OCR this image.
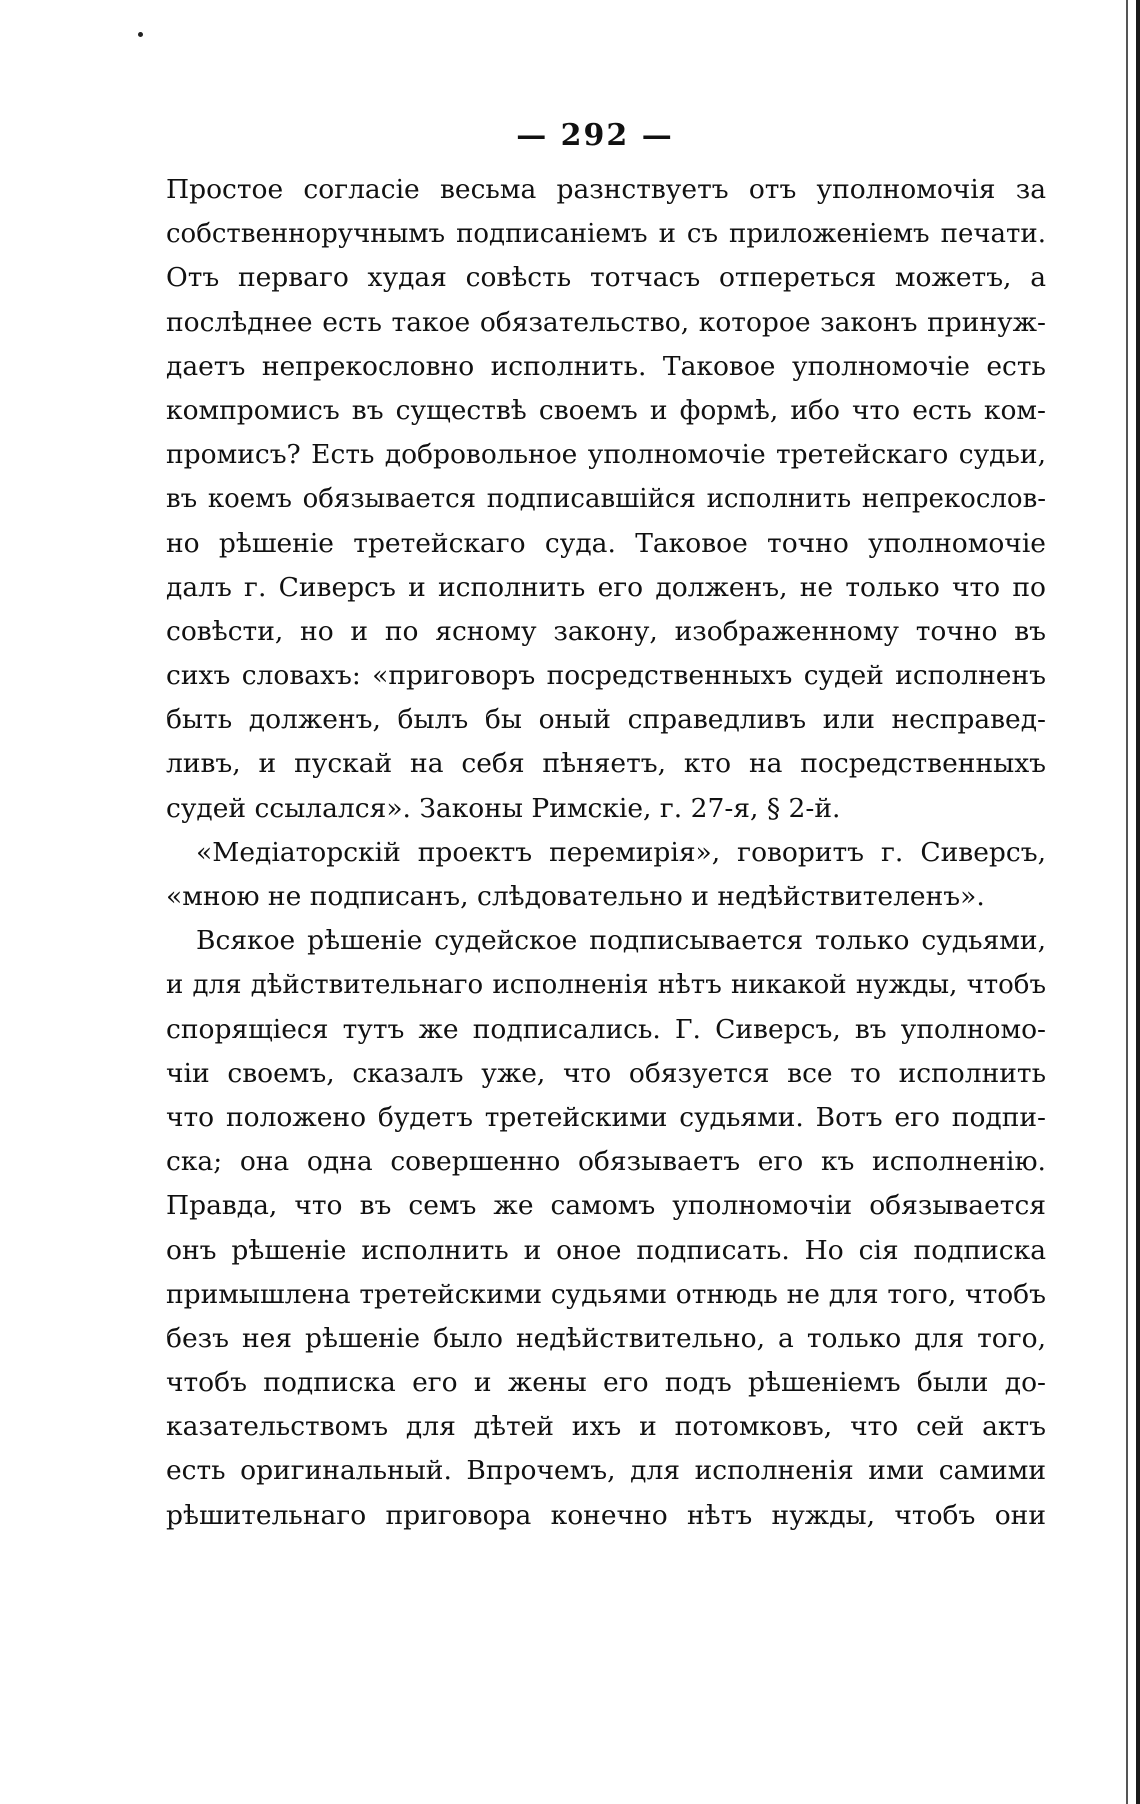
— 292 —
Простое согласіе весьма разнствуетъ отъ уполномочія за
собственноручнымъ подписаніемъ и съ приложеніемъ печати.
Отъ перваго худая совѣсть тотчасъ отпереться можетъ, а
послѣднее есть такое обязательство, которое законъ принуж-
даетъ непрекословно исполнить. Таковое уполномочіе есть
компромисъ въ существѣ своемъ и формѣ, ибо что есть ком-
промисъ? Есть добровольное уполномочіе третейскаго судьи,
въ коемъ обязывается подписавшійся исполнить непрекослов-
но рѣшеніе третейскаго суда. Таковое точно уполномочіе
далъ г. Сиверсъ и исполнить его долженъ, не только что по
совѣсти, но и по ясному закону, изображенному точно въ
сихъ словахъ: «приговоръ посредственныхъ судей исполненъ
быть долженъ, былъ бы оный справедливъ или несправед-
ливъ, и пускай на себя пѣняетъ, кто на посредственныхъ
судей ссылался». Законы Римскіе, г. 27-я, § 2-й.
«Медіаторскій проектъ перемирія», говоритъ г. Сиверсъ,
«мною не подписанъ, слѣдовательно и недѣйствителенъ».
Всякое рѣшеніе судейское подписывается только судьями,
и для дѣйствительнаго исполненія нѣтъ никакой нужды, чтобъ
спорящіеся тутъ же подписались. Г. Сиверсъ, въ уполномо-
чіи своемъ, сказалъ уже, что обязуется все то исполнить
что положено будетъ третейскими судьями. Вотъ его подпи-
ска; она одна совершенно обязываетъ его къ исполненію.
Правда, что въ семъ же самомъ уполномочіи обязывается
онъ рѣшеніе исполнить и оное подписать. Но сія подписка
примышлена третейскими судьями отнюдь не для того, чтобъ
безъ нея рѣшеніе было недѣйствительно, а только для того,
чтобъ подписка его и жены его подъ рѣшеніемъ были до-
казательствомъ для дѣтей ихъ и потомковъ, что сей актъ
есть оригинальный. Впрочемъ, для исполненія ими самими
рѣшительнаго приговора конечно нѣтъ нужды, чтобъ они
